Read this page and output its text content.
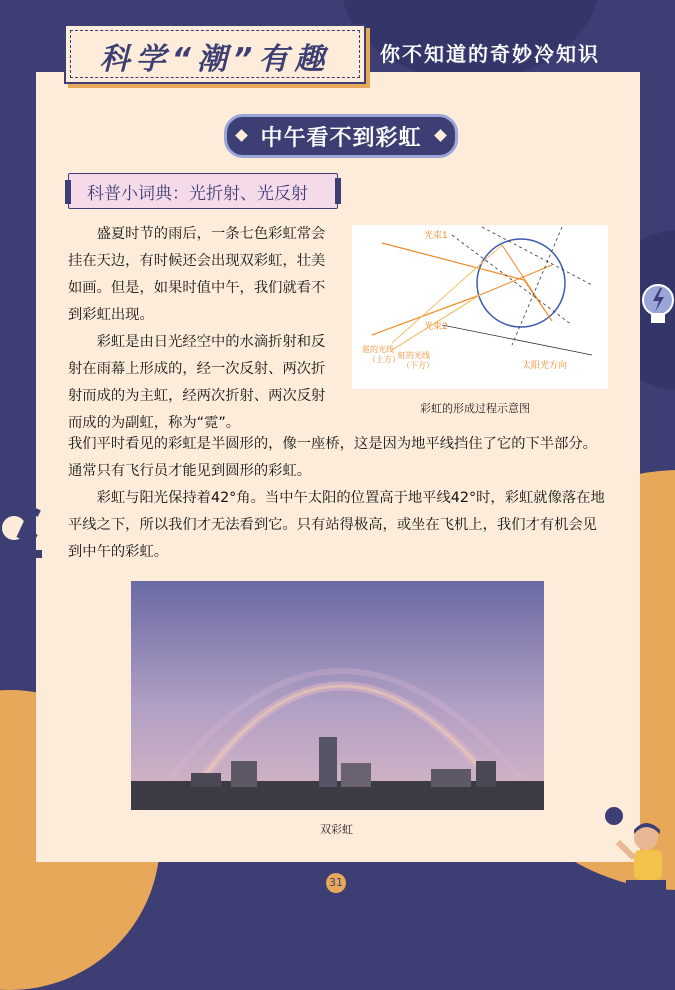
科学“潮”有趣	你不知道的奇妙冷知识
中午看不到彩虹
科普小词典：光折射、光反射
盛夏时节的雨后，一条七色彩虹常会挂在天边，有时候还会出现双彩虹，壮美如画。但是，如果时值中午，我们就看不到彩虹出现。
彩虹是由日光经空中的水滴折射和反射在雨幕上形成的，经一次反射、两次折射而成的为主虹，经两次折射、两次反射而成的为副虹，称为“霓”。
我们平时看见的彩虹是半圆形的，像一座桥，这是因为地平线挡住了它的下半部分。通常只有飞行员才能见到圆形的彩虹。
彩虹与阳光保持着42°角。当中午太阳的位置高于地平线42°时，彩虹就像落在地平线之下，所以我们才无法看到它。只有站得极高，或坐在飞机上，我们才有机会见到中午的彩虹。
光束1
光束2
霓的光线
（上方）
虹的光线
（下方）	太阳光方向
彩虹的形成过程示意图
双彩虹
31
